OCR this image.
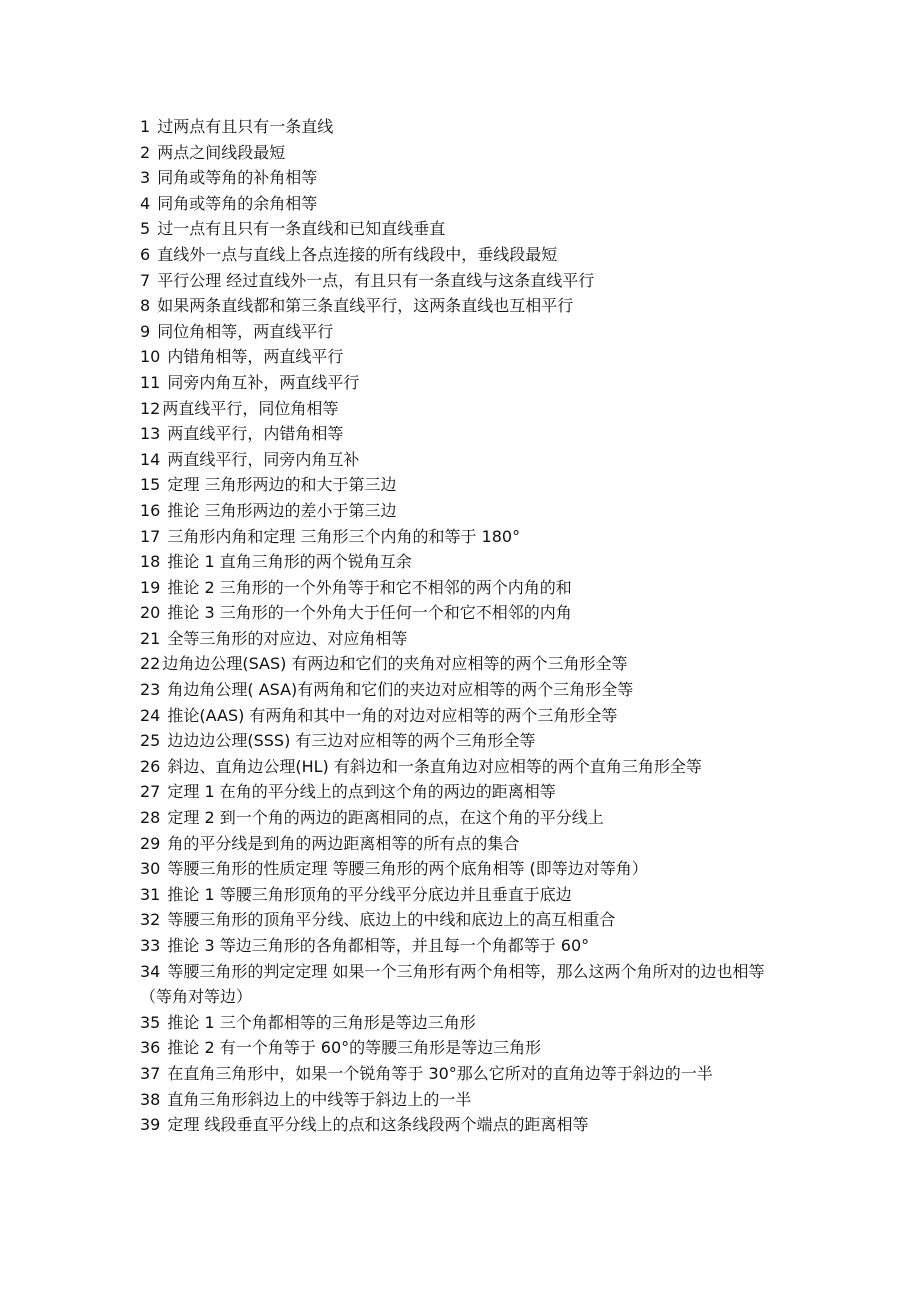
1 过两点有且只有一条直线

2 两点之间线段最短

3 同角或等角的补角相等

4 同角或等角的余角相等

5 过一点有且只有一条直线和已知直线垂直

6 直线外一点与直线上各点连接的所有线段中，垂线段最短

7 平行公理 经过直线外一点，有且只有一条直线与这条直线平行

8 如果两条直线都和第三条直线平行，这两条直线也互相平行

9 同位角相等，两直线平行

10 内错角相等，两直线平行

11 同旁内角互补，两直线平行

12 两直线平行，同位角相等

13 两直线平行，内错角相等

14 两直线平行，同旁内角互补

15 定理 三角形两边的和大于第三边

16 推论 三角形两边的差小于第三边

17 三角形内角和定理 三角形三个内角的和等于 180°

18 推论 1 直角三角形的两个锐角互余

19 推论 2 三角形的一个外角等于和它不相邻的两个内角的和

20 推论 3 三角形的一个外角大于任何一个和它不相邻的内角

21 全等三角形的对应边、对应角相等

22 边角边公理(SAS) 有两边和它们的夹角对应相等的两个三角形全等

23 角边角公理( ASA)有两角和它们的夹边对应相等的两个三角形全等

24 推论(AAS) 有两角和其中一角的对边对应相等的两个三角形全等

25 边边边公理(SSS) 有三边对应相等的两个三角形全等

26 斜边、直角边公理(HL) 有斜边和一条直角边对应相等的两个直角三角形全等

27 定理 1 在角的平分线上的点到这个角的两边的距离相等

28 定理 2 到一个角的两边的距离相同的点，在这个角的平分线上

29 角的平分线是到角的两边距离相等的所有点的集合

30 等腰三角形的性质定理 等腰三角形的两个底角相等 (即等边对等角）

31 推论 1 等腰三角形顶角的平分线平分底边并且垂直于底边

32 等腰三角形的顶角平分线、底边上的中线和底边上的高互相重合

33 推论 3 等边三角形的各角都相等，并且每一个角都等于 60°

34 等腰三角形的判定定理 如果一个三角形有两个角相等，那么这两个角所对的边也相等（等角对等边）

35 推论 1 三个角都相等的三角形是等边三角形

36 推论 2 有一个角等于 60°的等腰三角形是等边三角形

37 在直角三角形中，如果一个锐角等于 30°那么它所对的直角边等于斜边的一半

38 直角三角形斜边上的中线等于斜边上的一半

39 定理 线段垂直平分线上的点和这条线段两个端点的距离相等
